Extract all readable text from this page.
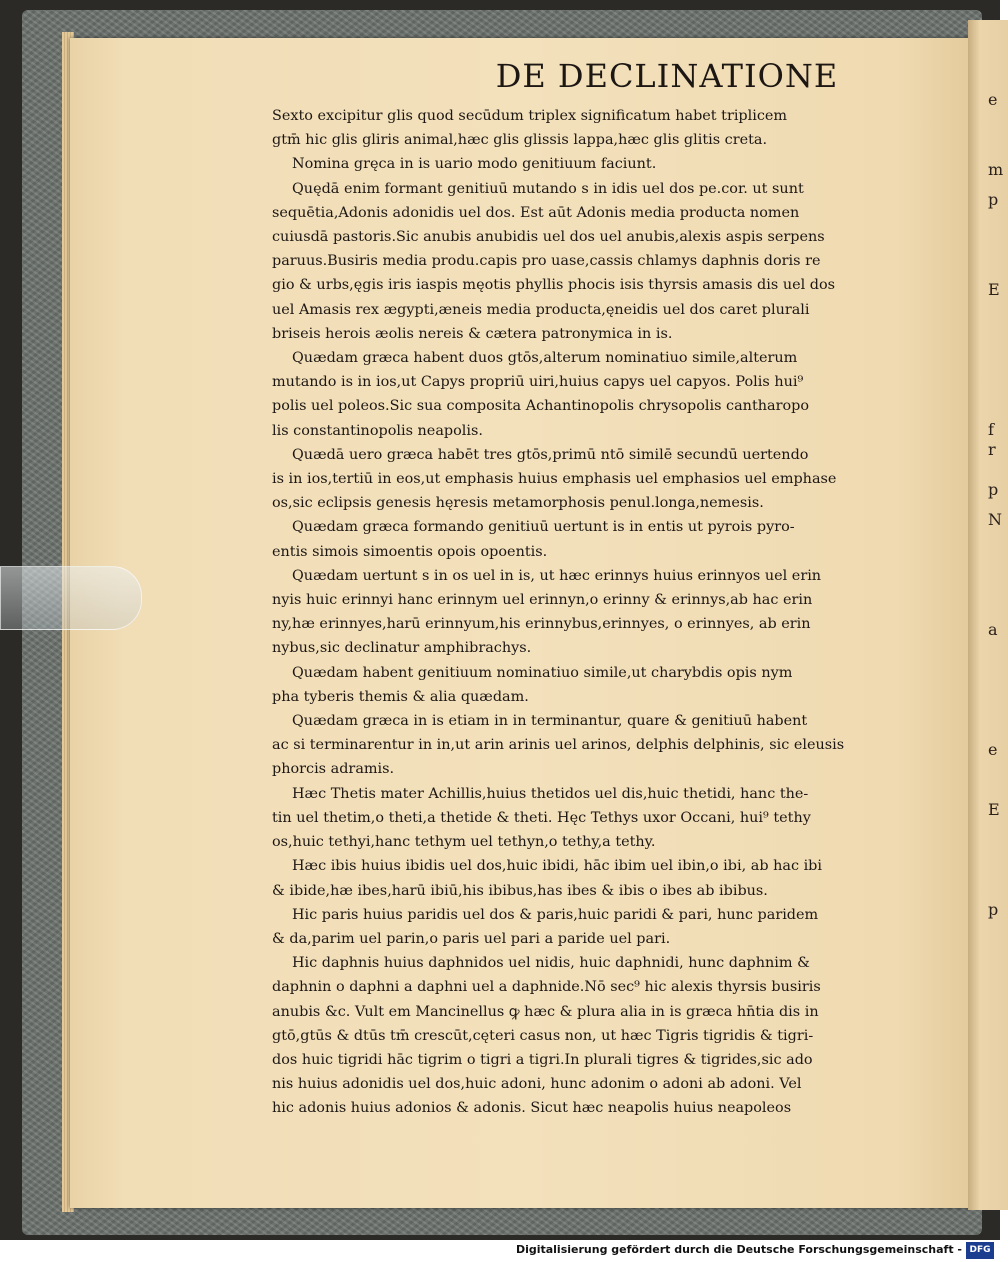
e
m
p
E
f
r
p
N
a
e
E
p
DE DECLINATIONE
Sexto excipitur glis quod secūdum triplex significatum habet triplicem
gtm̄ hic glis gliris animal,hæc glis glissis lappa,hæc glis glitis creta.
Nomina gręca in is uario modo genitiuum faciunt.
Quędā enim formant genitiuū mutando s in idis uel dos pe.cor. ut sunt
sequētia,Adonis adonidis uel dos. Est aūt Adonis media producta nomen
cuiusdā pastoris.Sic anubis anubidis uel dos uel anubis,alexis aspis serpens
paruus.Busiris media produ.capis pro uase,cassis chlamys daphnis doris re
gio & urbs,ęgis iris iaspis męotis phyllis phocis isis thyrsis amasis dis uel dos
uel Amasis rex ægypti,æneis media producta,ęneidis uel dos caret plurali
briseis herois æolis nereis & cætera patronymica in is.
Quædam græca habent duos gtōs,alterum nominatiuo simile,alterum
mutando is in ios,ut Capys propriū uiri,huius capys uel capyos. Polis hui⁹
polis uel poleos.Sic sua composita Achantinopolis chrysopolis cantharopo
lis constantinopolis neapolis.
Quædā uero græca habēt tres gtōs,primū ntō similē secundū uertendo
is in ios,tertiū in eos,ut emphasis huius emphasis uel emphasios uel emphase
os,sic eclipsis genesis hęresis metamorphosis penul.longa,nemesis.
Quædam græca formando genitiuū uertunt is in entis ut pyrois pyro-
entis simois simoentis opois opoentis.
Quædam uertunt s in os uel in is, ut hæc erinnys huius erinnyos uel erin
nyis huic erinnyi hanc erinnym uel erinnyn,o erinny & erinnys,ab hac erin
ny,hæ erinnyes,harū erinnyum,his erinnybus,erinnyes, o erinnyes, ab erin
nybus,sic declinatur amphibrachys.
Quædam habent genitiuum nominatiuo simile,ut charybdis opis nym
pha tyberis themis & alia quædam.
Quædam græca in is etiam in in terminantur, quare & genitiuū habent
ac si terminarentur in in,ut arin arinis uel arinos, delphis delphinis, sic eleusis
phorcis adramis.
Hæc Thetis mater Achillis,huius thetidos uel dis,huic thetidi, hanc the-
tin uel thetim,o theti,a thetide & theti. Hęc Tethys uxor Occani, hui⁹ tethy
os,huic tethyi,hanc tethym uel tethyn,o tethy,a tethy.
Hæc ibis huius ibidis uel dos,huic ibidi, hāc ibim uel ibin,o ibi, ab hac ibi
& ibide,hæ ibes,harū ibiū,his ibibus,has ibes & ibis o ibes ab ibibus.
Hic paris huius paridis uel dos & paris,huic paridi & pari, hunc paridem
& da,parim uel parin,o paris uel pari a paride uel pari.
Hic daphnis huius daphnidos uel nidis, huic daphnidi, hunc daphnim &
daphnin o daphni a daphni uel a daphnide.Nō sec⁹ hic alexis thyrsis busiris
anubis &c. Vult em Mancinellus ꝙ hæc & plura alia in is græca hn̄tia dis in
gtō,gtūs & dtūs tm̄ crescūt,cęteri casus non, ut hæc Tigris tigridis & tigri-
dos huic tigridi hāc tigrim o tigri a tigri.In plurali tigres & tigrides,sic ado
nis huius adonidis uel dos,huic adoni, hunc adonim o adoni ab adoni. Vel
hic adonis huius adonios & adonis. Sicut hæc neapolis huius neapoleos
Digitalisierung gefördert durch die Deutsche Forschungsgemeinschaft - DFG
